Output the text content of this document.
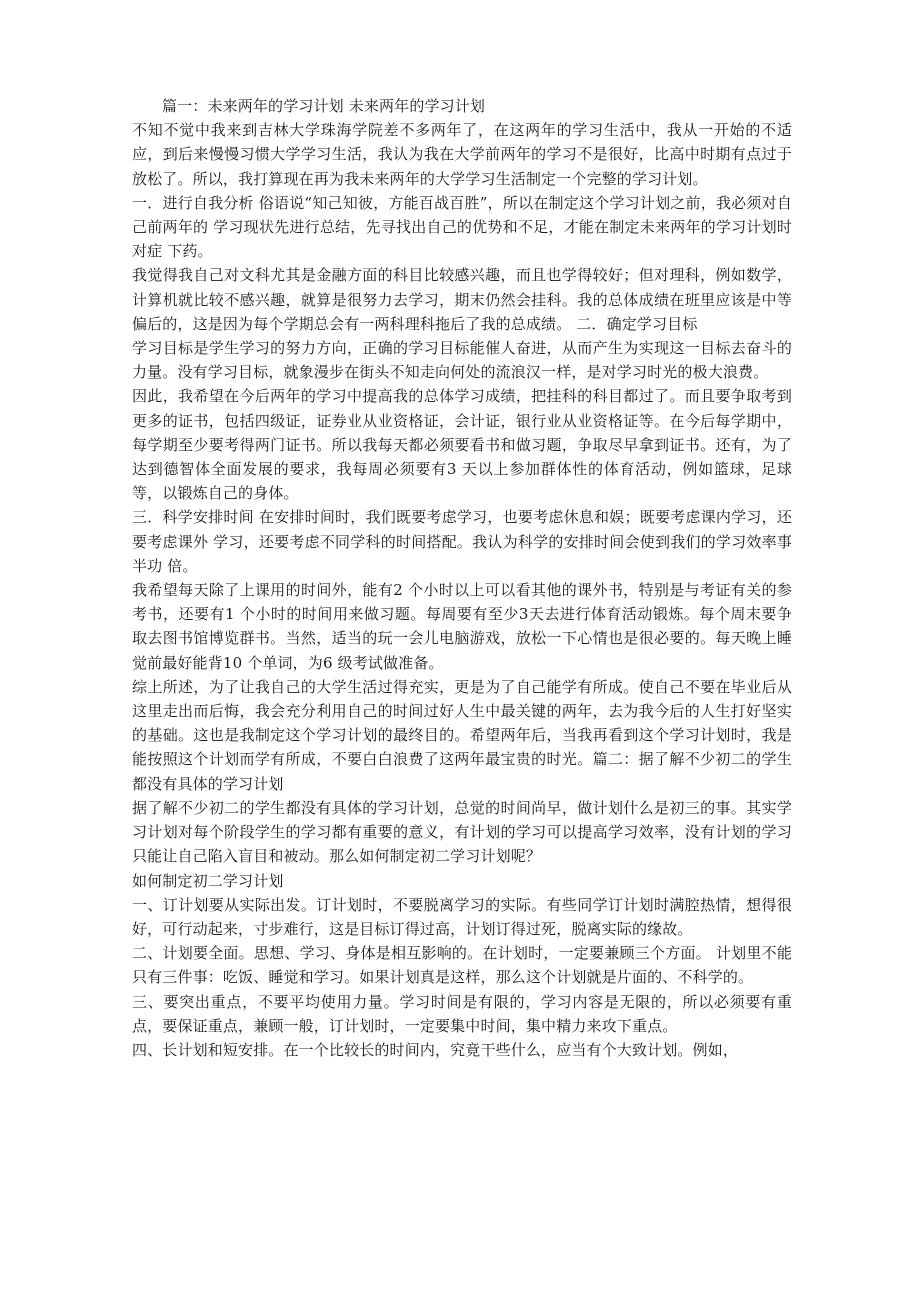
篇一：未来两年的学习计划 未来两年的学习计划

不知不觉中我来到吉林大学珠海学院差不多两年了，在这两年的学习生活中，我从一开始的不适应，到后来慢慢习惯大学学习生活，我认为我在大学前两年的学习不是很好，比高中时期有点过于放松了。所以，我打算现在再为我未来两年的大学学习生活制定一个完整的学习计划。

一．进行自我分析 俗语说“知己知彼，方能百战百胜”，所以在制定这个学习计划之前，我必须对自己前两年的 学习现状先进行总结，先寻找出自己的优势和不足，才能在制定未来两年的学习计划时对症 下药。

我觉得我自己对文科尤其是金融方面的科目比较感兴趣，而且也学得较好；但对理科，例如数学，计算机就比较不感兴趣，就算是很努力去学习，期末仍然会挂科。我的总体成绩在班里应该是中等偏后的，这是因为每个学期总会有一两科理科拖后了我的总成绩。 二．确定学习目标

学习目标是学生学习的努力方向，正确的学习目标能催人奋进，从而产生为实现这一目标去奋斗的力量。没有学习目标，就象漫步在街头不知走向何处的流浪汉一样，是对学习时光的极大浪费。

因此，我希望在今后两年的学习中提高我的总体学习成绩，把挂科的科目都过了。而且要争取考到更多的证书，包括四级证，证券业从业资格证，会计证，银行业从业资格证等。在今后每学期中，每学期至少要考得两门证书。所以我每天都必须要看书和做习题，争取尽早拿到证书。还有，为了达到德智体全面发展的要求，我每周必须要有3 天以上参加群体性的体育活动，例如篮球，足球等，以锻炼自己的身体。

三．科学安排时间 在安排时间时，我们既要考虑学习，也要考虑休息和娱；既要考虑课内学习，还要考虑课外 学习，还要考虑不同学科的时间搭配。我认为科学的安排时间会使到我们的学习效率事半功 倍。

我希望每天除了上课用的时间外，能有2 个小时以上可以看其他的课外书，特别是与考证有关的参考书，还要有1 个小时的时间用来做习题。每周要有至少3天去进行体育活动锻炼。每个周末要争取去图书馆博览群书。当然，适当的玩一会儿电脑游戏，放松一下心情也是很必要的。每天晚上睡觉前最好能背10 个单词，为6 级考试做准备。

综上所述，为了让我自己的大学生活过得充实，更是为了自己能学有所成。使自己不要在毕业后从这里走出而后悔，我会充分利用自己的时间过好人生中最关键的两年，去为我今后的人生打好坚实的基础。这也是我制定这个学习计划的最终目的。希望两年后，当我再看到这个学习计划时，我是能按照这个计划而学有所成，不要白白浪费了这两年最宝贵的时光。篇二：据了解不少初二的学生都没有具体的学习计划

据了解不少初二的学生都没有具体的学习计划，总觉的时间尚早，做计划什么是初三的事。其实学习计划对每个阶段学生的学习都有重要的意义，有计划的学习可以提高学习效率，没有计划的学习只能让自己陷入盲目和被动。那么如何制定初二学习计划呢？

如何制定初二学习计划

一、订计划要从实际出发。订计划时，不要脱离学习的实际。有些同学订计划时满腔热情，想得很好，可行动起来，寸步难行，这是目标订得过高，计划订得过死，脱离实际的缘故。

二、计划要全面。思想、学习、身体是相互影响的。在计划时，一定要兼顾三个方面。 计划里不能只有三件事：吃饭、睡觉和学习。如果计划真是这样，那么这个计划就是片面的、不科学的。

三、要突出重点，不要平均使用力量。学习时间是有限的，学习内容是无限的，所以必须要有重点，要保证重点，兼顾一般，订计划时，一定要集中时间，集中精力来攻下重点。

四、长计划和短安排。在一个比较长的时间内，究竟干些什么，应当有个大致计划。例如，
